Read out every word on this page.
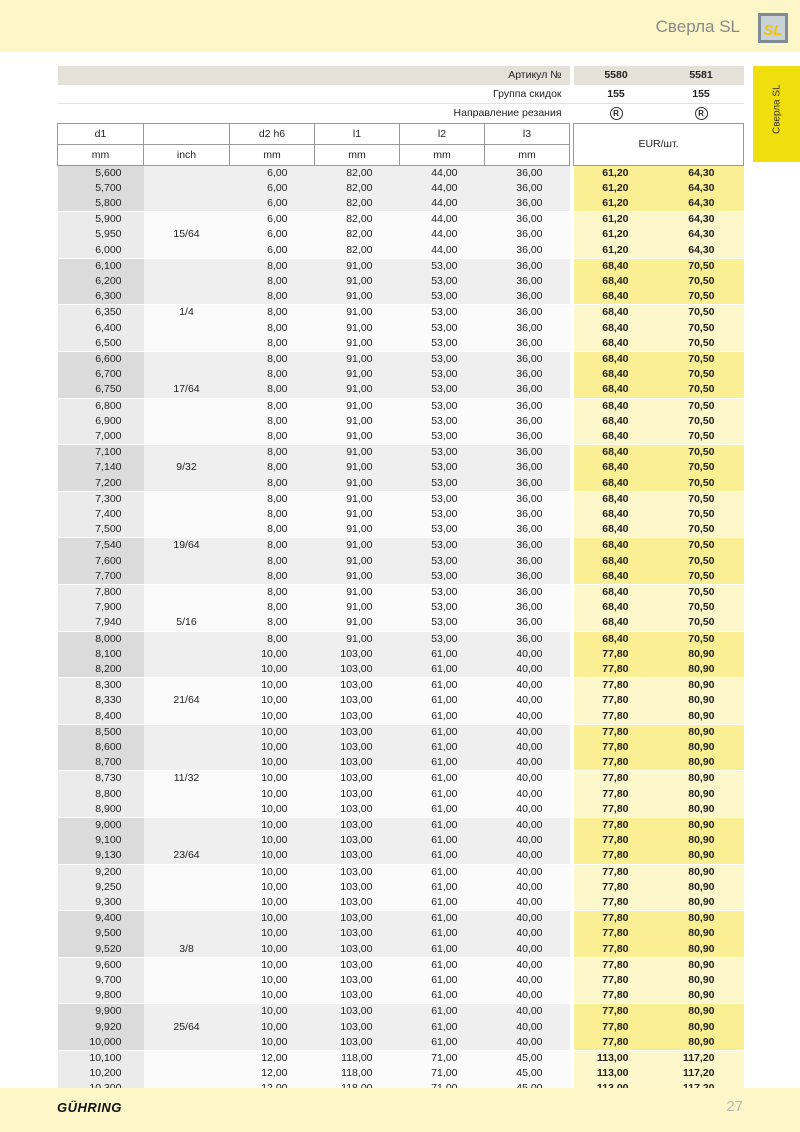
Сверла SL SL
Сверла SL
Артикул №							5580	5581
Группа скидок							155	155
Направление резания							R	R
d1		d2 h6	l1	l2	l3		EUR/шт.	
mm	inch	mm	mm	mm	mm			
5,600		6,00	82,00	44,00	36,00		61,20	64,30
5,700		6,00	82,00	44,00	36,00		61,20	64,30
5,800		6,00	82,00	44,00	36,00		61,20	64,30
5,900		6,00	82,00	44,00	36,00		61,20	64,30
5,950	15/64	6,00	82,00	44,00	36,00		61,20	64,30
6,000		6,00	82,00	44,00	36,00		61,20	64,30
6,100		8,00	91,00	53,00	36,00		68,40	70,50
6,200		8,00	91,00	53,00	36,00		68,40	70,50
6,300		8,00	91,00	53,00	36,00		68,40	70,50
6,350	1/4	8,00	91,00	53,00	36,00		68,40	70,50
6,400		8,00	91,00	53,00	36,00		68,40	70,50
6,500		8,00	91,00	53,00	36,00		68,40	70,50
6,600		8,00	91,00	53,00	36,00		68,40	70,50
6,700		8,00	91,00	53,00	36,00		68,40	70,50
6,750	17/64	8,00	91,00	53,00	36,00		68,40	70,50
6,800		8,00	91,00	53,00	36,00		68,40	70,50
6,900		8,00	91,00	53,00	36,00		68,40	70,50
7,000		8,00	91,00	53,00	36,00		68,40	70,50
7,100		8,00	91,00	53,00	36,00		68,40	70,50
7,140	9/32	8,00	91,00	53,00	36,00		68,40	70,50
7,200		8,00	91,00	53,00	36,00		68,40	70,50
7,300		8,00	91,00	53,00	36,00		68,40	70,50
7,400		8,00	91,00	53,00	36,00		68,40	70,50
7,500		8,00	91,00	53,00	36,00		68,40	70,50
7,540	19/64	8,00	91,00	53,00	36,00		68,40	70,50
7,600		8,00	91,00	53,00	36,00		68,40	70,50
7,700		8,00	91,00	53,00	36,00		68,40	70,50
7,800		8,00	91,00	53,00	36,00		68,40	70,50
7,900		8,00	91,00	53,00	36,00		68,40	70,50
7,940	5/16	8,00	91,00	53,00	36,00		68,40	70,50
8,000		8,00	91,00	53,00	36,00		68,40	70,50
8,100		10,00	103,00	61,00	40,00		77,80	80,90
8,200		10,00	103,00	61,00	40,00		77,80	80,90
8,300		10,00	103,00	61,00	40,00		77,80	80,90
8,330	21/64	10,00	103,00	61,00	40,00		77,80	80,90
8,400		10,00	103,00	61,00	40,00		77,80	80,90
8,500		10,00	103,00	61,00	40,00		77,80	80,90
8,600		10,00	103,00	61,00	40,00		77,80	80,90
8,700		10,00	103,00	61,00	40,00		77,80	80,90
8,730	11/32	10,00	103,00	61,00	40,00		77,80	80,90
8,800		10,00	103,00	61,00	40,00		77,80	80,90
8,900		10,00	103,00	61,00	40,00		77,80	80,90
9,000		10,00	103,00	61,00	40,00		77,80	80,90
9,100		10,00	103,00	61,00	40,00		77,80	80,90
9,130	23/64	10,00	103,00	61,00	40,00		77,80	80,90
9,200		10,00	103,00	61,00	40,00		77,80	80,90
9,250		10,00	103,00	61,00	40,00		77,80	80,90
9,300		10,00	103,00	61,00	40,00		77,80	80,90
9,400		10,00	103,00	61,00	40,00		77,80	80,90
9,500		10,00	103,00	61,00	40,00		77,80	80,90
9,520	3/8	10,00	103,00	61,00	40,00		77,80	80,90
9,600		10,00	103,00	61,00	40,00		77,80	80,90
9,700		10,00	103,00	61,00	40,00		77,80	80,90
9,800		10,00	103,00	61,00	40,00		77,80	80,90
9,900		10,00	103,00	61,00	40,00		77,80	80,90
9,920	25/64	10,00	103,00	61,00	40,00		77,80	80,90
10,000		10,00	103,00	61,00	40,00		77,80	80,90
10,100		12,00	118,00	71,00	45,00		113,00	117,20
10,200		12,00	118,00	71,00	45,00		113,00	117,20

GÜHRING	27
